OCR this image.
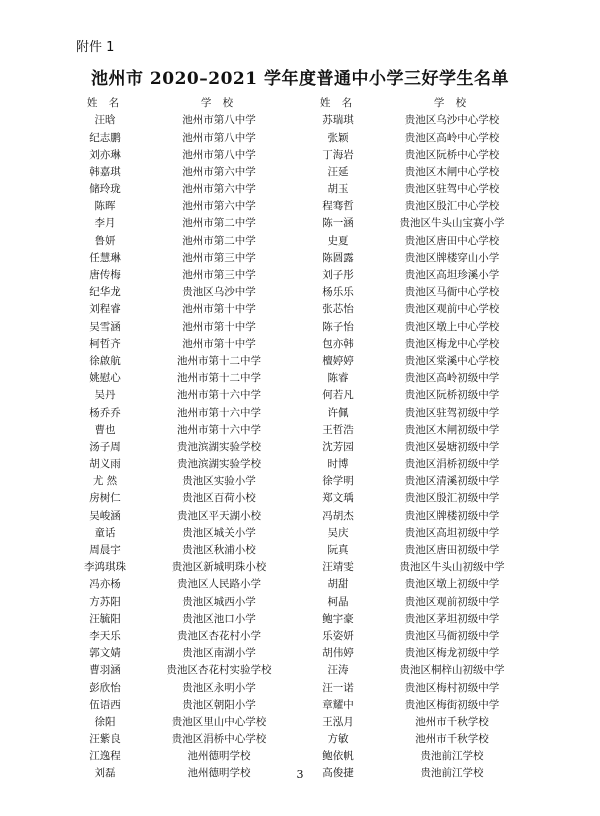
附件 1
池州市 2020–2021 学年度普通中小学三好学生名单
姓 名	学 校	姓 名	学 校
汪晗	池州市第八中学	苏瑞琪	贵池区乌沙中心学校
纪志鹏	池州市第八中学	张颖	贵池区高岭中心学校
刘亦琳	池州市第八中学	丁海岩	贵池区阮桥中心学校
韩嘉琪	池州市第六中学	汪延	贵池区木闸中心学校
储玲珑	池州市第六中学	胡玉	贵池区驻驾中心学校
陈晖	池州市第六中学	程骞哲	贵池区殷汇中心学校
李月	池州市第二中学	陈一涵	贵池区牛头山宝赛小学
鲁妍	池州市第二中学	史夏	贵池区唐田中心学校
任慧琳	池州市第三中学	陈圆露	贵池区牌楼穿山小学
唐传梅	池州市第三中学	刘子彤	贵池区高坦珍溪小学
纪华龙	贵池区乌沙中学	杨乐乐	贵池区马衙中心学校
刘程睿	池州市第十中学	张芯怡	贵池区观前中心学校
吴雪涵	池州市第十中学	陈子怡	贵池区墩上中心学校
柯哲齐	池州市第十中学	包亦韩	贵池区梅龙中心学校
徐啟航	池州市第十二中学	檀婷婷	贵池区棠溪中心学校
姚慰心	池州市第十二中学	陈睿	贵池区高岭初级中学
吴丹	池州市第十六中学	何若凡	贵池区阮桥初级中学
杨乔乔	池州市第十六中学	许佩	贵池区驻驾初级中学
曹也	池州市第十六中学	王哲浩	贵池区木闸初级中学
汤子周	贵池滨湖实验学校	沈芳园	贵池区晏塘初级中学
胡义雨	贵池滨湖实验学校	时博	贵池区涓桥初级中学
尤 然	贵池区实验小学	徐学明	贵池区清溪初级中学
房树仁	贵池区百荷小校	郑文瑀	贵池区殷汇初级中学
吴峻涵	贵池区平天湖小校	冯胡杰	贵池区牌楼初级中学
童话	贵池区城关小学	吴庆	贵池区高坦初级中学
周晨宇	贵池区秋浦小校	阮真	贵池区唐田初级中学
李鸿琪珠	贵池区新城明珠小校	汪靖雯	贵池区牛头山初级中学
冯亦杨	贵池区人民路小学	胡甜	贵池区墩上初级中学
方苏阳	贵池区城西小学	柯晶	贵池区观前初级中学
汪毓阳	贵池区池口小学	鲍宇豪	贵池区茅坦初级中学
李天乐	贵池区杏花村小学	乐姿妍	贵池区马衙初级中学
郭文婧	贵池区南湖小学	胡伟婷	贵池区梅龙初级中学
曹羽涵	贵池区杏花村实验学校	汪涛	贵池区桐梓山初级中学
彭欣怡	贵池区永明小学	汪一诺	贵池区梅村初级中学
伍语西	贵池区朝阳小学	章耀中	贵池区梅街初级中学
徐阳	贵池区里山中心学校	王泓月	池州市千秋学校
汪紫良	贵池区涓桥中心学校	方敏	池州市千秋学校
江逸程	池州德明学校	鲍依帆	贵池前江学校
刘磊	池州德明学校	高俊捷	贵池前江学校
3
